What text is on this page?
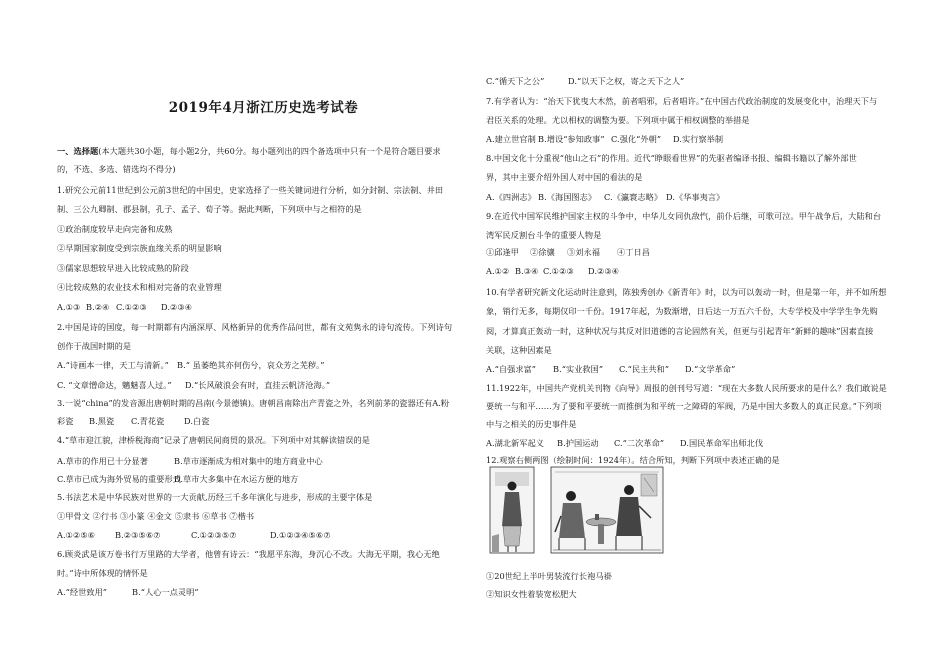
2019年4月浙江历史选考试卷
一、选择题(本大题共30小题，每小题2分，共60分。每小题列出的四个备选项中只有一个是符合题目要求
的，不选、多选、错选均不得分)
1.研究公元前11世纪到公元前3世纪的中国史，史家选择了一些关键词进行分析，如分封制、宗法制、井田
制、三公九卿制、郡县制，孔子、孟子、荀子等。据此判断，下列项中与之相符的是
①政治制度较早走向完备和成熟
②早期国家制度受到宗族血缘关系的明显影响
③儒家思想较早进入比较成熟的阶段
④比较成熟的农业技术和相对完备的农业管理
A.①③ B.②④ C.①②③ D.②③④
2.中国是诗的国度，每一时期都有内涵深厚、风格新异的优秀作品问世，都有文苑隽永的诗句流传。下列诗句
创作于战国时期的是
A.“诗画本一律，天工与清新。” B.“ 虽萎绝其亦何伤兮，哀众芳之芜秽。”
C. “文章憎命达，魑魅喜人过。” D.“长风破浪会有时，直挂云帆济沧海。”
3.一说“china”的发音源出唐朝时期的昌南(今景德镇)。唐朝昌南除出产青瓷之外，名列前茅的瓷器还有A.粉
彩瓷 B.黑瓷 C.青花瓷 D.白瓷
4.“草市迎江貌，津桥税海商”记录了唐朝民间商贸的景况。下列项中对其解读错误的是
A.草市的作用已十分显著	B.草市逐渐成为相对集中的地方商业中心
C.草市已成为海外贸易的重要形式D.草市大多集中在水运方便的地方
5.书法艺术是中华民族对世界的一大贡献,历经三千多年演化与进步，形成的主要字体是
①甲骨文 ②行书 ③小篆 ④金文 ⑤隶书 ⑥草书 ⑦楷书
A.①②⑤⑥ B.②③⑤⑥⑦	C.①②③⑤⑦	D.①②③④⑤⑥⑦
6.顾炎武是该万卷书行万里路的大学者，他曾有诗云：“我愿平东海，身沉心不改。大海无平期，我心无绝
时。”诗中所体现的情怀是
A.“经世致用”	B.“人心一点灵明”
C.“循天下之公”	D.“以天下之权，寄之天下之人”
7.有学者认为：“治天下犹曳大木然，前者唱邪，后者唱许。”在中国古代政治制度的发展变化中，治理天下与
君臣关系的处理。尤以相权的调整为要。下列项中属于相权调整的举措是
A.建立世官制 B.增设“参知政事” C.强化“外朝” D.实行察举制
8.中国文化十分重视“他山之石”的作用。近代“睁眼看世界”的先驱者编译书报、编辑书籍以了解外部世
界，其中主要介绍外国人对中国的看法的是
A.《四洲志》 B.《海国图志》 C.《瀛寰志略》 D.《华事夷言》
9.在近代中国军民维护国家主权的斗争中，中华儿女同仇敌忾，前仆后继，可歌可泣。甲午战争后，大陆和台
湾军民反割台斗争的重要人物是
①邱逢甲 ②徐骧 ③刘永福 ④丁日昌
A.①② B.③④ C.①②③ D.②③④
10.有学者研究新文化运动时注意到，陈独秀创办《新青年》时，以为可以轰动一时，但是第一年，并不如所想
象，销行无多，每期仅印一千份。1917年起，为数渐增，日后达一万五六千份，大专学校及中学学生争先购
阅，才算真正轰动一时，这种状况与其反对旧道德的言论固然有关，但更与引起青年“新鲜的趣味”因素直接
关联，这种因素是
A.“自强求富” B.“实业救国” C.“民主共和” D.“文学革命”
11.1922年，中国共产党机关刊物《向导》周报的创刊号写道：“现在大多数人民所要求的是什么？我们敢说是
要统一与和平……为了要和平要统一而推倒为和平统一之障碍的军阀，乃是中国大多数人的真正民意。”下列项
中与之相关的历史事件是
A.湖北新军起义 B.护国运动 C.“二次革命” D.国民革命军出师北伐
12.观察右侧两图（绘制时间：1924年）。结合所知，判断下列项中表述正确的是
①20世纪上半叶男装流行长袍马褂
②知识女性着装宽松肥大
